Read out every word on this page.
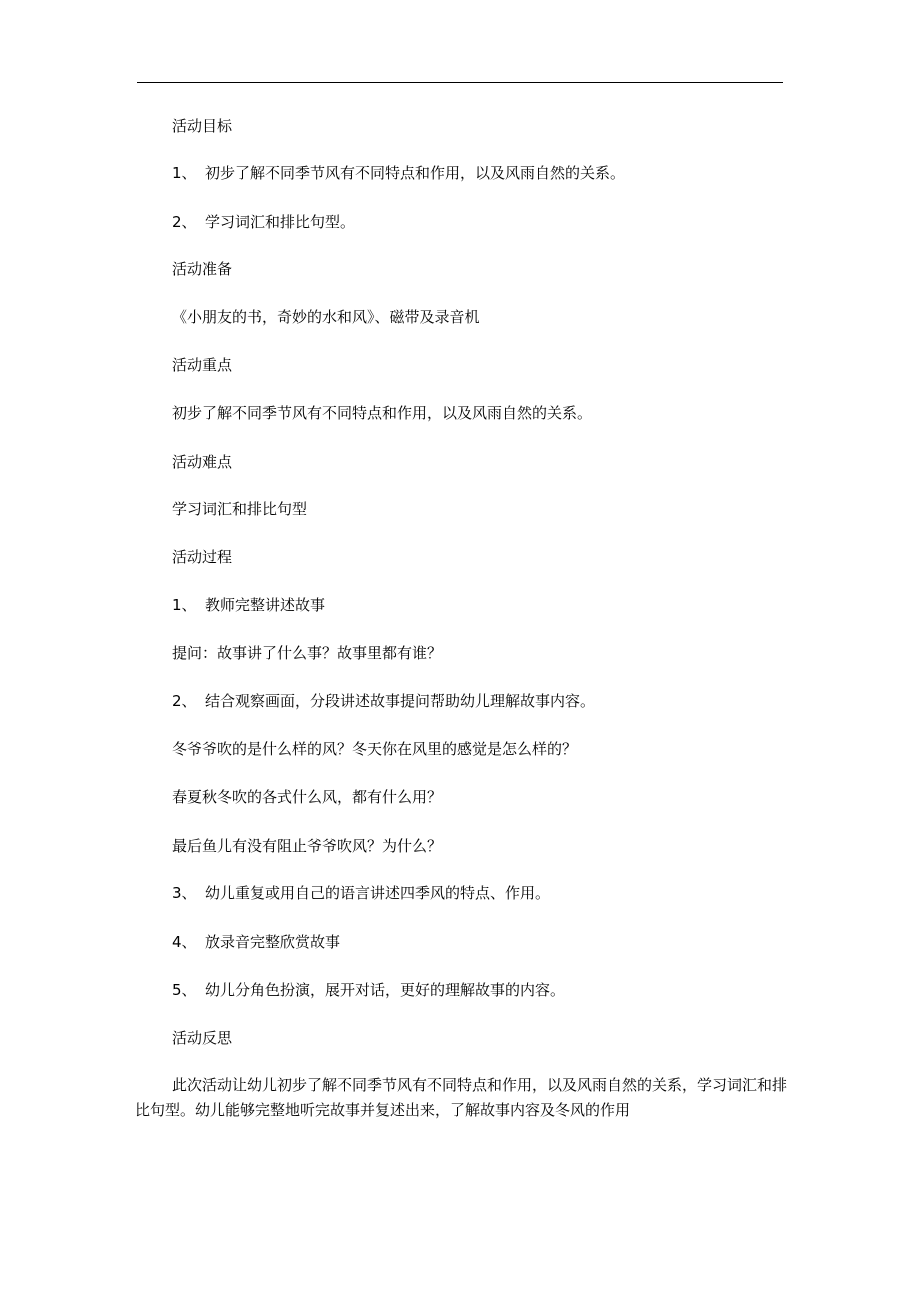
活动目标
1、 初步了解不同季节风有不同特点和作用，以及风雨自然的关系。
2、 学习词汇和排比句型。
活动准备
《小朋友的书，奇妙的水和风》、磁带及录音机
活动重点
初步了解不同季节风有不同特点和作用，以及风雨自然的关系。
活动难点
学习词汇和排比句型
活动过程
1、 教师完整讲述故事
提问：故事讲了什么事？故事里都有谁？
2、 结合观察画面，分段讲述故事提问帮助幼儿理解故事内容。
冬爷爷吹的是什么样的风？冬天你在风里的感觉是怎么样的？
春夏秋冬吹的各式什么风，都有什么用？
最后鱼儿有没有阻止爷爷吹风？为什么？
3、 幼儿重复或用自己的语言讲述四季风的特点、作用。
4、 放录音完整欣赏故事
5、 幼儿分角色扮演，展开对话，更好的理解故事的内容。
活动反思
此次活动让幼儿初步了解不同季节风有不同特点和作用，以及风雨自然的关系，学习词汇和排比句型。幼儿能够完整地听完故事并复述出来，了解故事内容及冬风的作用
